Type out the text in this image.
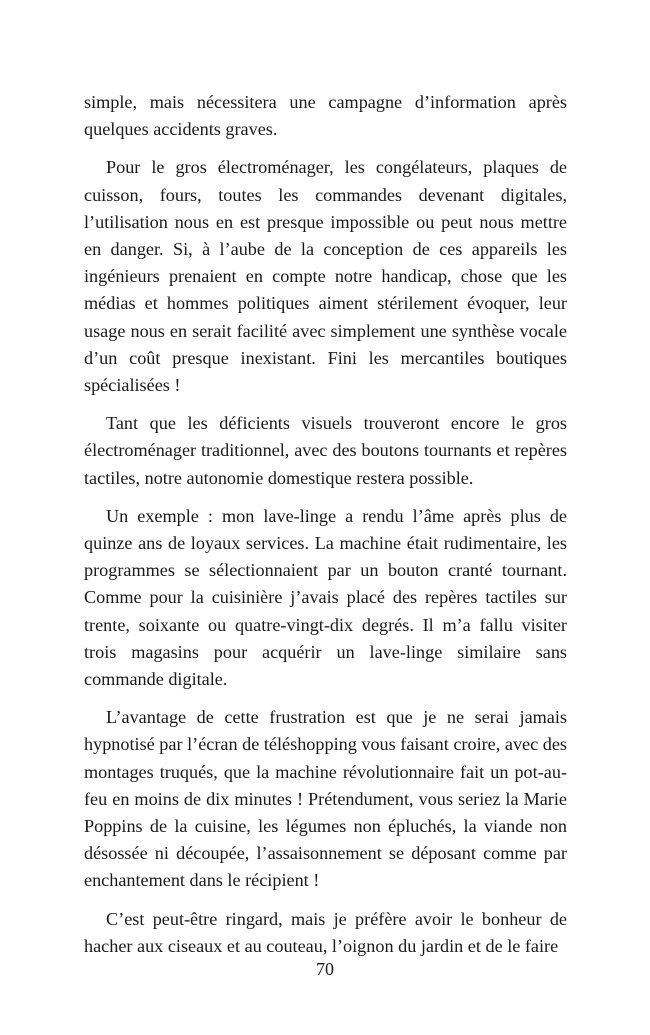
simple, mais nécessitera une campagne d’information après quelques accidents graves.

Pour le gros électroménager, les congélateurs, plaques de cuisson, fours, toutes les commandes devenant digitales, l’utilisation nous en est presque impossible ou peut nous mettre en danger. Si, à l’aube de la conception de ces appareils les ingénieurs prenaient en compte notre handicap, chose que les médias et hommes politiques aiment stérilement évoquer, leur usage nous en serait facilité avec simplement une synthèse vocale d’un coût presque inexistant. Fini les mercantiles boutiques spécialisées !

Tant que les déficients visuels trouveront encore le gros électroménager traditionnel, avec des boutons tournants et repères tactiles, notre autonomie domestique restera possible.

Un exemple : mon lave-linge a rendu l’âme après plus de quinze ans de loyaux services. La machine était rudimentaire, les programmes se sélectionnaient par un bouton cranté tournant. Comme pour la cuisinière j’avais placé des repères tactiles sur trente, soixante ou quatre-vingt-dix degrés. Il m’a fallu visiter trois magasins pour acquérir un lave-linge similaire sans commande digitale.

L’avantage de cette frustration est que je ne serai jamais hypnotisé par l’écran de téléshopping vous faisant croire, avec des montages truqués, que la machine révolutionnaire fait un pot-au-feu en moins de dix minutes ! Prétendument, vous seriez la Marie Poppins de la cuisine, les légumes non épluchés, la viande non désossée ni découpée, l’assaisonnement se déposant comme par enchantement dans le récipient !

C’est peut-être ringard, mais je préfère avoir le bonheur de hacher aux ciseaux et au couteau, l’oignon du jardin et de le faire

70
